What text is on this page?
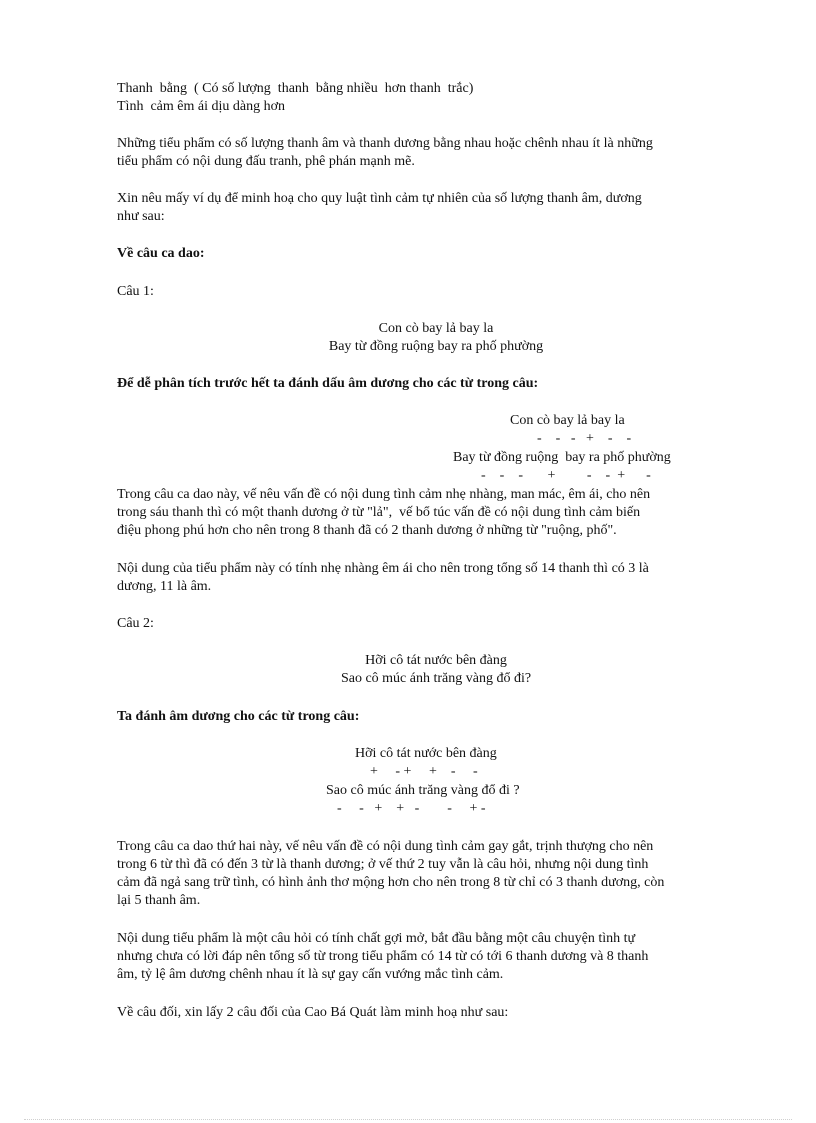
Thanh  bằng  ( Có số lượng  thanh  bằng nhiều  hơn thanh  trắc)
Tình  cảm êm ái dịu dàng hơn
Những tiểu phẩm có số lượng thanh âm và thanh dương bằng nhau hoặc chênh nhau ít là những
tiểu phẩm có nội dung đấu tranh, phê phán mạnh mẽ.
Xin nêu mấy ví dụ để minh hoạ cho quy luật tình cảm tự nhiên của số lượng thanh âm, dương
như sau:
Về câu ca dao:
Câu 1:
Con cò bay lả bay la
Bay từ đồng ruộng bay ra phố phường
Để dễ phân tích trước hết ta đánh dấu âm dương cho các từ trong câu:
Con cò bay lả bay la
-    -   -   +    -    -
Bay từ đồng ruộng  bay ra phố phường
-    -    -       +         -    -  +      -
Trong câu ca dao này, vế nêu vấn đề có nội dung tình cảm nhẹ nhàng, man mác, êm ái, cho nên
trong sáu thanh thì có một thanh dương ở từ "lả",  vế bổ túc vấn đề có nội dung tình cảm biến
điệu phong phú hơn cho nên trong 8 thanh đã có 2 thanh dương ở những từ "ruộng, phố".
Nội dung của tiểu phẩm này có tính nhẹ nhàng êm ái cho nên trong tổng số 14 thanh thì có 3 là
dương, 11 là âm.
Câu 2:
Hỡi cô tát nước bên đàng
Sao cô múc ánh trăng vàng đổ đi?
Ta đánh âm dương cho các từ trong câu:
Hỡi cô tát nước bên đàng
+     - +     +    -     -
Sao cô múc ánh trăng vàng đổ đi ?
-     -   +    +   -        -     + -
Trong câu ca dao thứ hai này, vế nêu vấn đề có nội dung tình cảm gay gắt, trịnh thượng cho nên
trong 6 từ thì đã có đến 3 từ là thanh dương; ở vế thứ 2 tuy vẫn là câu hỏi, nhưng nội dung tình
cảm đã ngả sang trữ tình, có hình ảnh thơ mộng hơn cho nên trong 8 từ chỉ có 3 thanh dương, còn
lại 5 thanh âm.
Nội dung tiểu phẩm là một câu hỏi có tính chất gợi mở, bắt đầu bằng một câu chuyện tình tự
nhưng chưa có lời đáp nên tổng số từ trong tiểu phẩm có 14 từ có tới 6 thanh dương và 8 thanh
âm, tỷ lệ âm dương chênh nhau ít là sự gay cấn vướng mắc tình cảm.
Về câu đối, xin lấy 2 câu đối của Cao Bá Quát làm minh hoạ như sau:
